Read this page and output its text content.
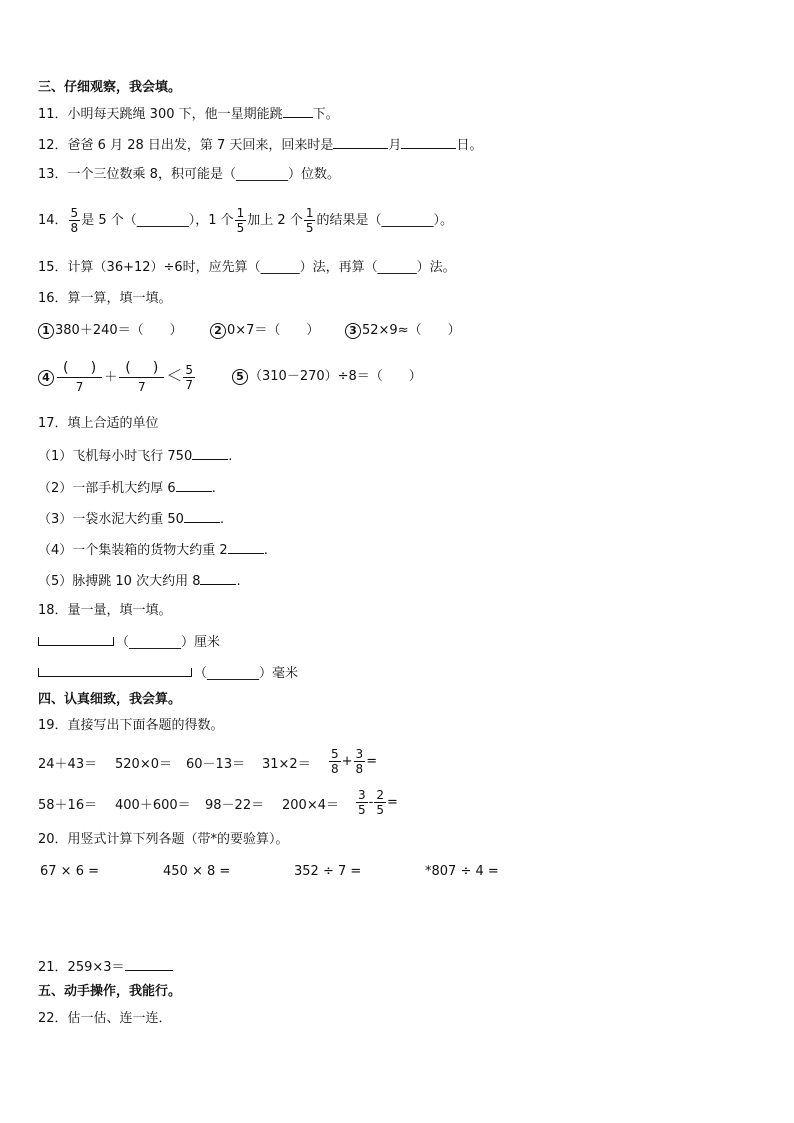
三、仔细观察，我会填。
11．小明每天跳绳 300 下，他一星期能跳 下。
12．爸爸 6 月 28 日出发，第 7 天回来，回来时是	月	日。
13．一个三位数乘 8，积可能是（________）位数。
14． $\frac{5}{8}$ 是 5 个（________），1 个 $\frac{1}{5}$ 加上 2 个 $\frac{1}{5}$ 的结果是（________）。
15．计算（36+12）÷6时，应先算（______）法，再算（______）法。
16．算一算，填一填。
1 380＋240＝（　　）	2 0×7＝（　　）	3 52×9≈（　　）
$4 \frac{( )}{7} + \frac{( )}{7} < \frac{5}{7}$	5 （310－270）÷8＝（　　）
17．填上合适的单位
（1）飞机每小时飞行 750	.
（2）一部手机大约厚 6	.
（3）一袋水泥大约重 50	.
（4）一个集装箱的货物大约重 2	.
（5）脉搏跳 10 次大约用 8	.
18．量一量，填一填。
（________）厘米
（________）毫米
四、认真细致，我会算。
19．直接写出下面各题的得数。
$24+43= 520\times 0= 60-13= 31\times 2= \frac{5}{8} + \frac{3}{8}$ =
$58+16= 400+600= 98-22= 200\times 4= \frac{3}{5} - \frac{2}{5}$ =
20．用竖式计算下列各题（带*的要验算）。
67 × 6 =	450 × 8 =	352 ÷ 7 =	*807 ÷ 4 =
21．259×3＝
五、动手操作，我能行。
22．估一估、连一连．
